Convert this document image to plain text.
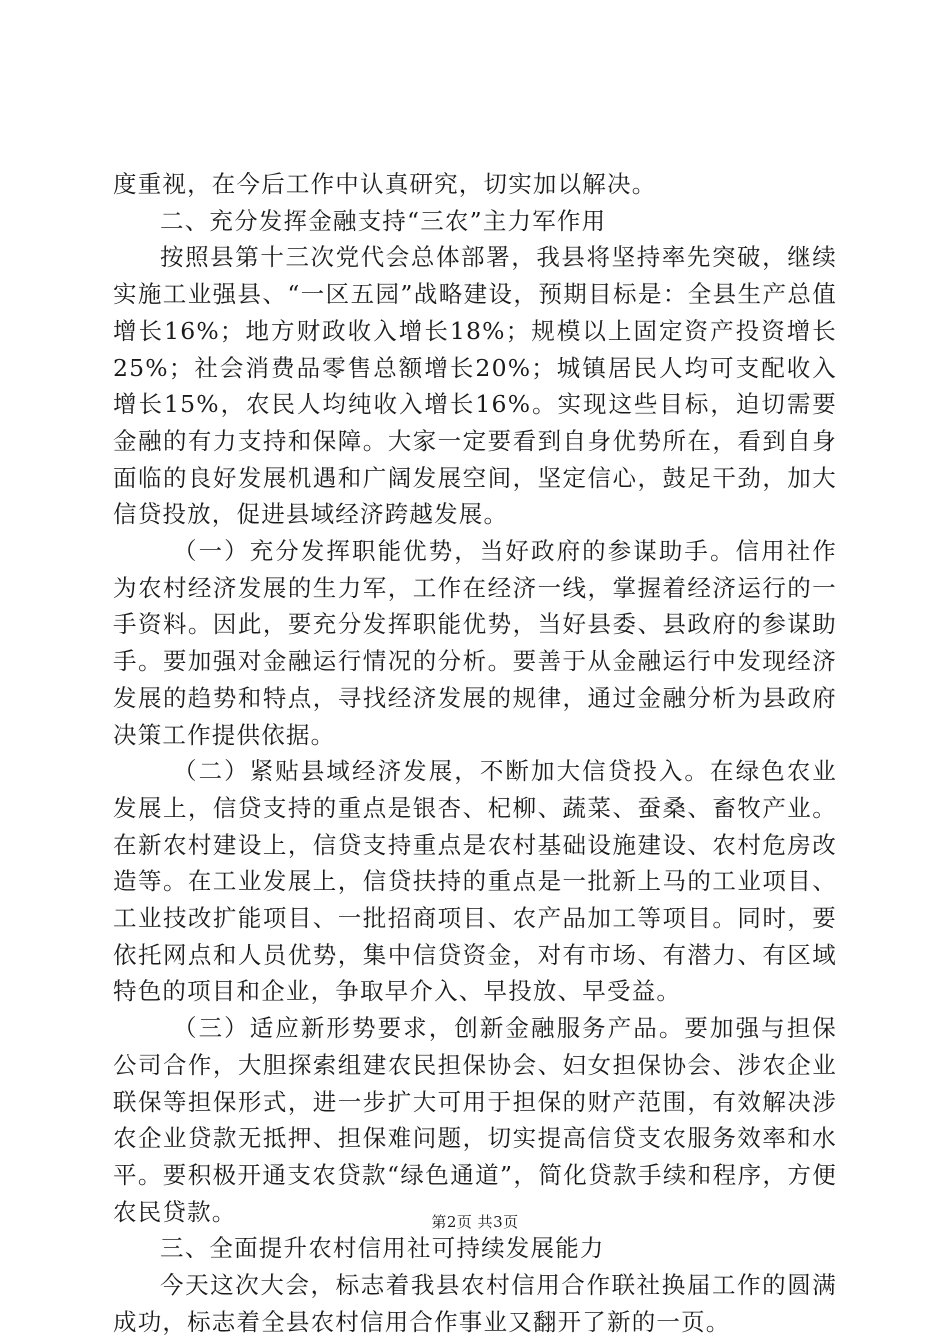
度重视，在今后工作中认真研究，切实加以解决。

二、充分发挥金融支持“三农”主力军作用

按照县第十三次党代会总体部署，我县将坚持率先突破，继续实施工业强县、“一区五园”战略建设，预期目标是：全县生产总值增长16%；地方财政收入增长18%；规模以上固定资产投资增长25%；社会消费品零售总额增长20%；城镇居民人均可支配收入增长15%，农民人均纯收入增长16%。实现这些目标，迫切需要金融的有力支持和保障。大家一定要看到自身优势所在，看到自身面临的良好发展机遇和广阔发展空间，坚定信心，鼓足干劲，加大信贷投放，促进县域经济跨越发展。

（一）充分发挥职能优势，当好政府的参谋助手。信用社作为农村经济发展的生力军，工作在经济一线，掌握着经济运行的一手资料。因此，要充分发挥职能优势，当好县委、县政府的参谋助手。要加强对金融运行情况的分析。要善于从金融运行中发现经济发展的趋势和特点，寻找经济发展的规律，通过金融分析为县政府决策工作提供依据。

（二）紧贴县域经济发展，不断加大信贷投入。在绿色农业发展上，信贷支持的重点是银杏、杞柳、蔬菜、蚕桑、畜牧产业。在新农村建设上，信贷支持重点是农村基础设施建设、农村危房改造等。在工业发展上，信贷扶持的重点是一批新上马的工业项目、工业技改扩能项目、一批招商项目、农产品加工等项目。同时，要依托网点和人员优势，集中信贷资金，对有市场、有潜力、有区域特色的项目和企业，争取早介入、早投放、早受益。

（三）适应新形势要求，创新金融服务产品。要加强与担保公司合作，大胆探索组建农民担保协会、妇女担保协会、涉农企业联保等担保形式，进一步扩大可用于担保的财产范围，有效解决涉农企业贷款无抵押、担保难问题，切实提高信贷支农服务效率和水平。要积极开通支农贷款“绿色通道”，简化贷款手续和程序，方便农民贷款。

三、全面提升农村信用社可持续发展能力

今天这次大会，标志着我县农村信用合作联社换届工作的圆满成功，标志着全县农村信用合作事业又翻开了新的一页。

第2页 共3页
